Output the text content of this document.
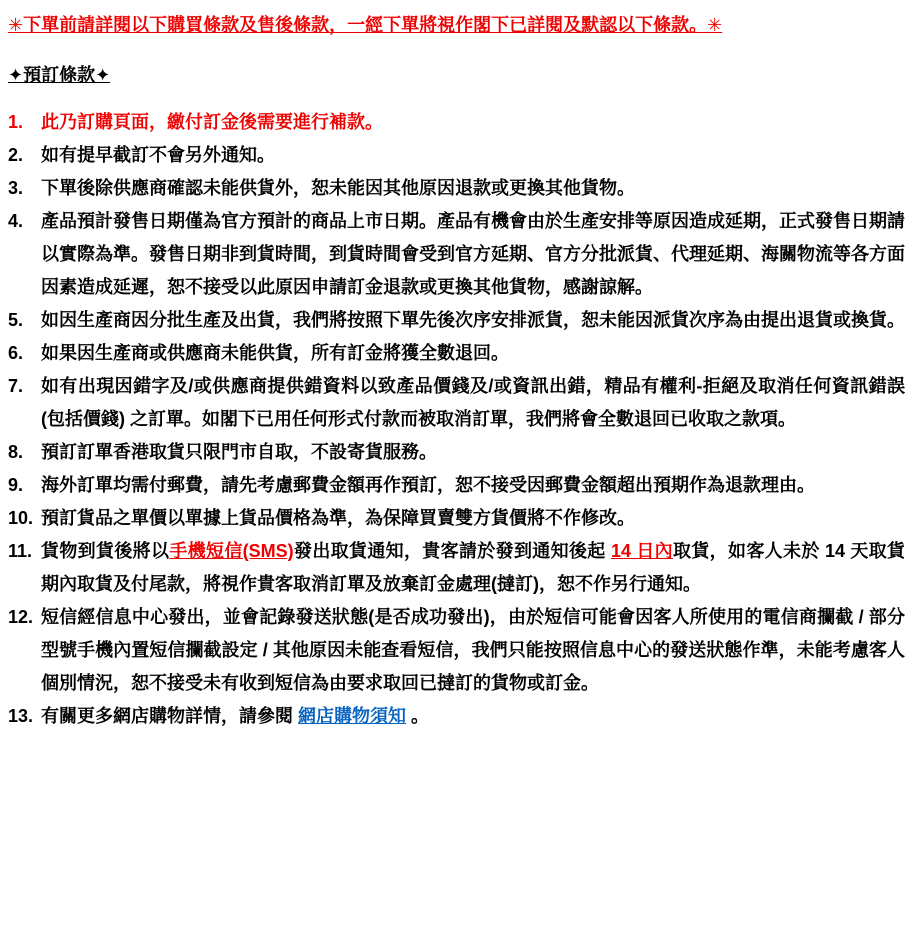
✳下單前請詳閱以下購買條款及售後條款，一經下單將視作閣下已詳閱及默認以下條款。✳
✦預訂條款✦
1. 此乃訂購頁面，繳付訂金後需要進行補款。

2. 如有提早截訂不會另外通知。

3. 下單後除供應商確認未能供貨外，恕未能因其他原因退款或更換其他貨物。

4. 產品預計發售日期僅為官方預計的商品上市日期。產品有機會由於生產安排等原因造成延期，正式發售日期請以實際為準。發售日期非到貨時間，到貨時間會受到官方延期、官方分批派貨、代理延期、海關物流等各方面因素造成延遲，恕不接受以此原因申請訂金退款或更換其他貨物，感謝諒解。

5. 如因生產商因分批生產及出貨，我們將按照下單先後次序安排派貨，恕未能因派貨次序為由提出退貨或換貨。

6. 如果因生產商或供應商未能供貨，所有訂金將獲全數退回。

7. 如有出現因錯字及/或供應商提供錯資料以致產品價錢及/或資訊出錯，精品有權利-拒絕及取消任何資訊錯誤(包括價錢) 之訂單。如閣下已用任何形式付款而被取消訂單，我們將會全數退回已收取之款項。

8. 預訂訂單香港取貨只限門市自取，不設寄貨服務。

9. 海外訂單均需付郵費，請先考慮郵費金額再作預訂，恕不接受因郵費金額超出預期作為退款理由。

10. 預訂貨品之單價以單據上貨品價格為準，為保障買賣雙方貨價將不作修改。

11. 貨物到貨後將以手機短信(SMS)發出取貨通知，貴客請於發到通知後起 14 日內取貨，如客人未於 14 天取貨期內取貨及付尾款，將視作貴客取消訂單及放棄訂金處理(撻訂)，恕不作另行通知。

12. 短信經信息中心發出，並會記錄發送狀態(是否成功發出)，由於短信可能會因客人所使用的電信商攔截 / 部分型號手機內置短信攔截設定 / 其他原因未能查看短信，我們只能按照信息中心的發送狀態作準，未能考慮客人個別情況，恕不接受未有收到短信為由要求取回已撻訂的貨物或訂金。

13. 有關更多網店購物詳情，請參閱 網店購物須知 。
